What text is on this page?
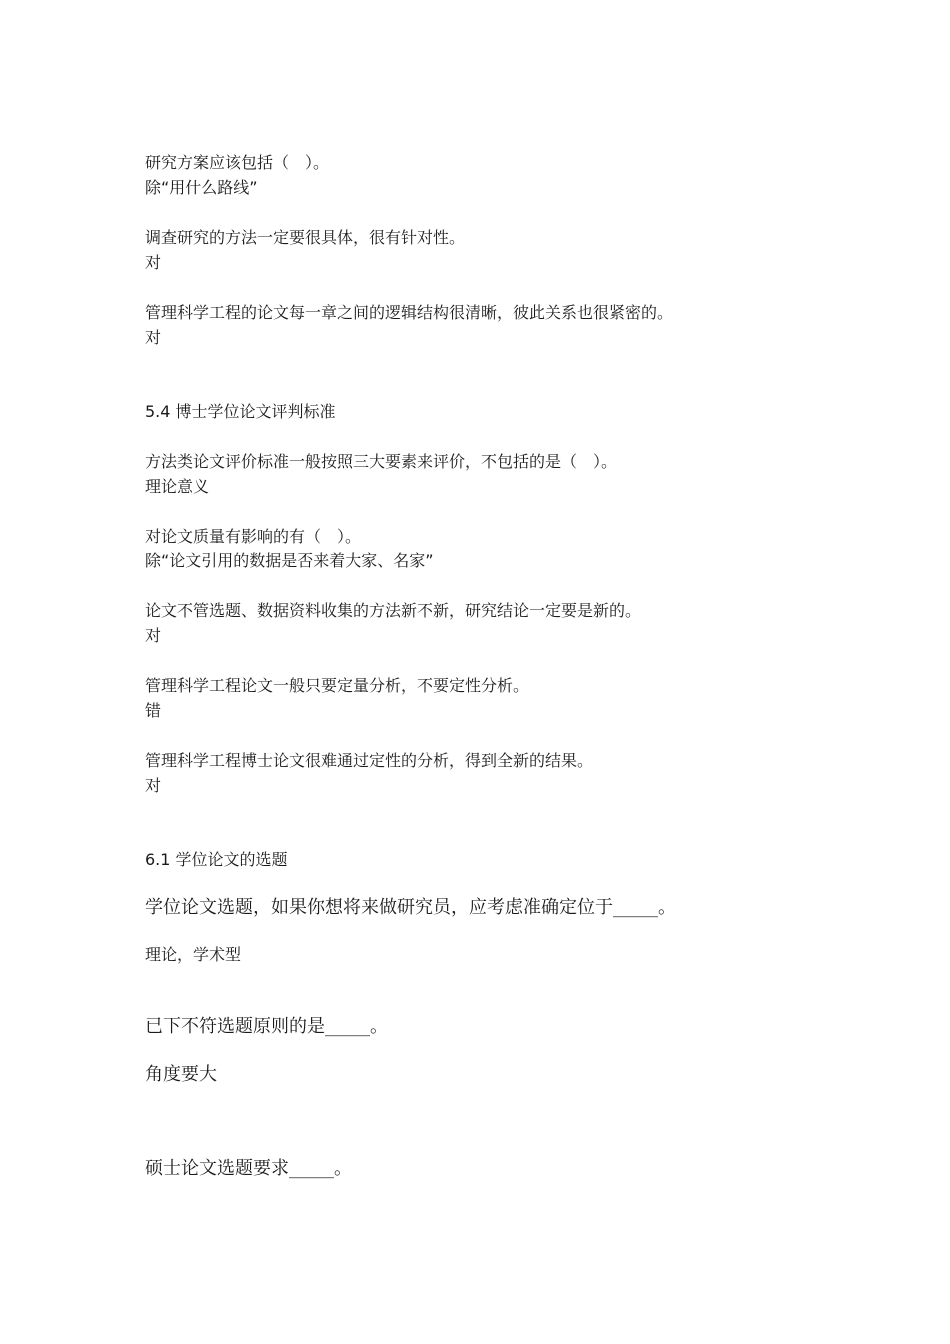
研究方案应该包括（　）。
除“用什么路线”
调查研究的方法一定要很具体，很有针对性。
对
管理科学工程的论文每一章之间的逻辑结构很清晰，彼此关系也很紧密的。
对
5.4 博士学位论文评判标准
方法类论文评价标准一般按照三大要素来评价，不包括的是（　）。
理论意义
对论文质量有影响的有（　）。
除“论文引用的数据是否来着大家、名家”
论文不管选题、数据资料收集的方法新不新，研究结论一定要是新的。
对
管理科学工程论文一般只要定量分析，不要定性分析。
错
管理科学工程博士论文很难通过定性的分析，得到全新的结果。
对
6.1 学位论文的选题
学位论文选题，如果你想将来做研究员，应考虑准确定位于_____。
理论，学术型
已下不符选题原则的是_____。
角度要大
硕士论文选题要求_____。
